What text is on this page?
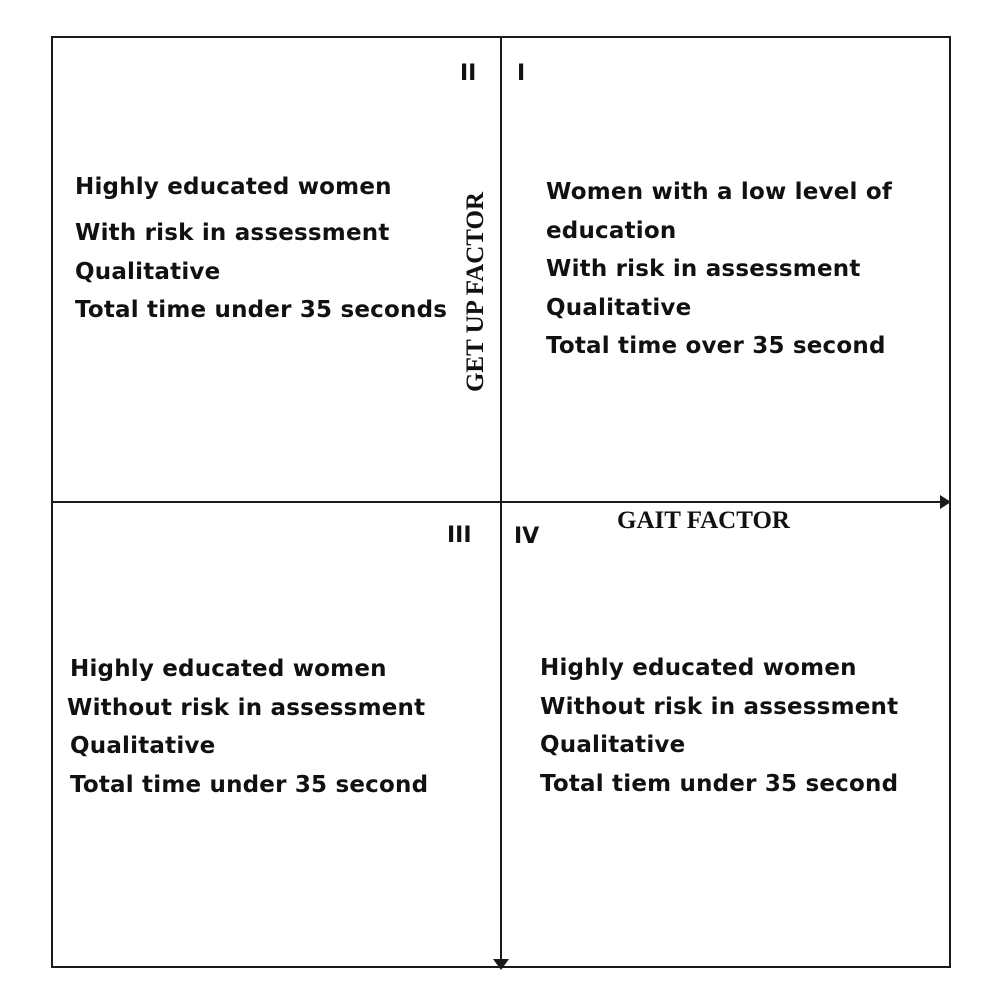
II I
III IV
GET UP FACTOR
GAIT FACTOR
Highly educated women
With risk in assessment
Qualitative
Total time under 35 seconds
Women with a low level of
education
With risk in assessment
Qualitative
Total time over 35 second
Highly educated women
Without risk in assessment
Qualitative
Total time under 35 second
Highly educated women
Without risk in assessment
Qualitative
Total tiem under 35 second
